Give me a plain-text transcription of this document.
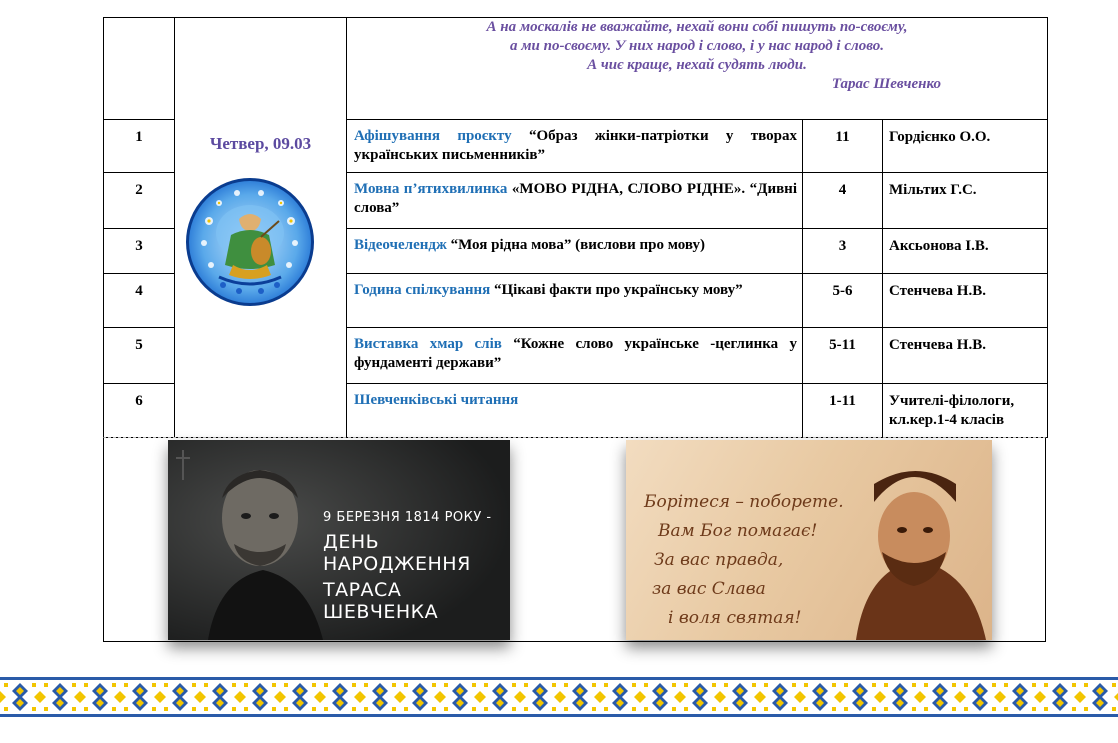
	Четвер, 09.03	А на москалів не вважайте, нехай вони собі пишуть по-своєму,
а ми по-своєму. У них народ і слово, і у нас народ і слово.
А чиє краще, нехай судять люди.
Тарас Шевченко		

1		Афішування проєкту “Образ жінки-патріотки у творах українських письменників”	11	Гордієнко О.О.
2		Мовна п’ятихвилинка «МОВО РІДНА, СЛОВО РІДНЕ». “Дивні слова”	4	Мільтих Г.С.
3		Відеочелендж “Моя рідна мова” (вислови про мову)	3	Аксьонова І.В.
4		Година спілкування “Цікаві факти про українську мову”	5-6	Стенчева Н.В.
5		Виставка хмар слів “Кожне слово українське -цеглинка у фундаменті держави”	5-11	Стенчева Н.В.
6		Шевченківські читання	1-11	Учителі-філологи, кл.кер.1-4 класів
9 БЕРЕЗНЯ 1814 РОКУ -
ДЕНЬ НАРОДЖЕННЯ
ТАРАСА ШЕВЧЕНКА
Борітеся – поборете.
Вам Бог помагає!
За вас правда,
за вас Слава
і воля святая!
